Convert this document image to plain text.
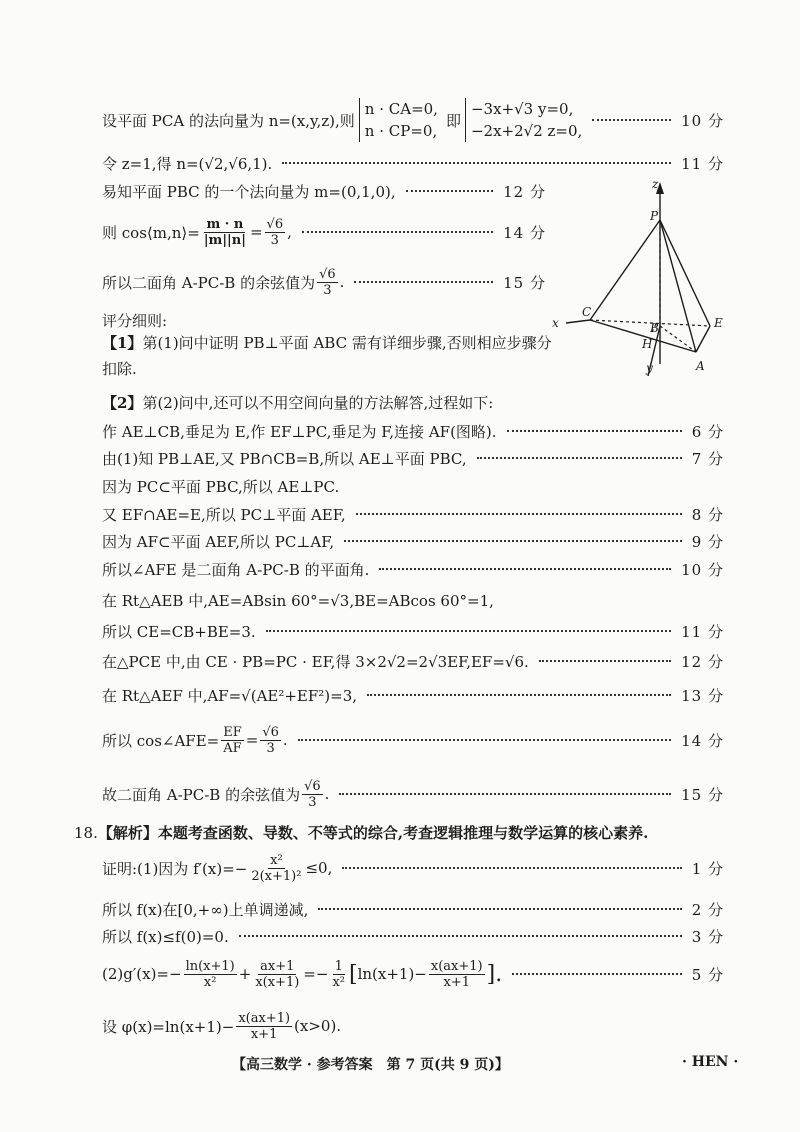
设平面 PCA 的法向量为 n=(x,y,z),则
n · CA=0,
n · CP=0,
即
−3x+√3 y=0,
−2x+2√2 z=0,
10 分
令 z=1,得 n=(√2,√6,1).	11 分
易知平面 PBC 的一个法向量为 m=(0,1,0),	12 分
则 cos⟨m,n⟩= $\frac{m \cdot n}{|m||n|} = \frac{√6}{3}$ ,	14 分
所以二面角 A-PC-B 的余弦值为 $\frac{√6}{3}$ .	15 分
评分细则:
【1】第(1)问中证明 PB⊥平面 ABC 需有详细步骤,否则相应步骤分扣除.
【2】第(2)问中,还可以不用空间向量的方法解答,过程如下:
作 AE⊥CB,垂足为 E,作 EF⊥PC,垂足为 F,连接 AF(图略).	6 分
由(1)知 PB⊥AE,又 PB∩CB=B,所以 AE⊥平面 PBC,	7 分
因为 PC⊂平面 PBC,所以 AE⊥PC.
又 EF∩AE=E,所以 PC⊥平面 AEF,	8 分
因为 AF⊂平面 AEF,所以 PC⊥AF,	9 分
所以∠AFE 是二面角 A-PC-B 的平面角.	10 分
在 Rt△AEB 中,AE=ABsin 60°=√3,BE=ABcos 60°=1,
所以 CE=CB+BE=3.	11 分
在△PCE 中,由 CE · PB=PC · EF,得 3×2√2=2√3EF,EF=√6.	12 分
在 Rt△AEF 中,AF=√(AE²+EF²)=3,	13 分
所以 cos∠AFE= $\frac{EF}{AF} = \frac{√6}{3}$ .	14 分
故二面角 A-PC-B 的余弦值为 $\frac{√6}{3}$ .	15 分
18.【解析】本题考查函数、导数、不等式的综合,考查逻辑推理与数学运算的核心素养.
证明:(1)因为 $f'(x)=- \frac{\text{x²}}{\text{2(x+1)²}} \le 0$,	1 分
所以 f(x)在[0,+∞)上单调递减,	2 分
所以 f(x)≤f(0)=0.	3 分
$(2)g'(x)=- \frac{\ln(x+1)}{\text{x²}} + \frac{ax+1}{x(x+1)} =- \frac{1}{\text{x²}}$ [ $\ln(x+1)- \frac{x(ax+1)}{x+1}$ ].	5 分
设 $\varphi(x)=\ln(x+1)- \frac{x(ax+1)}{x+1} (x>0)$.
z
P
C
x	B	E
H
y	A
【高三数学 · 参考答案　第 7 页(共 9 页)】	· HEN ·
